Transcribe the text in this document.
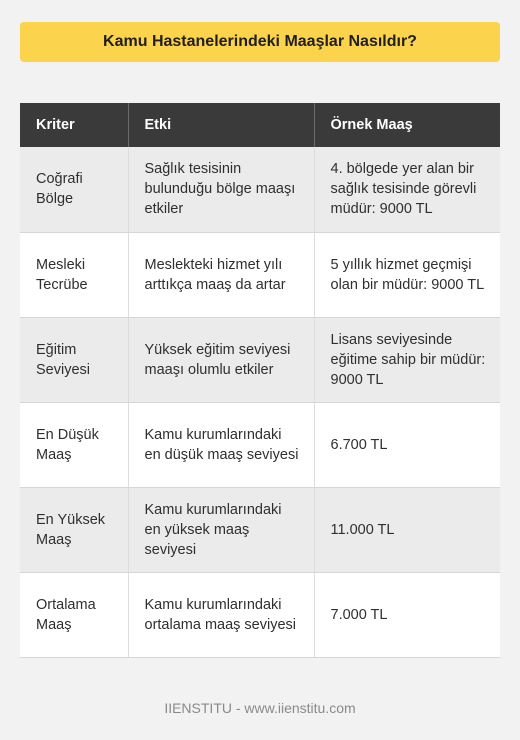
Kamu Hastanelerindeki Maaşlar Nasıldır?
Kriter	Etki	Örnek Maaş
Coğrafi Bölge	Sağlık tesisinin bulunduğu bölge maaşı etkiler	4. bölgede yer alan bir sağlık tesisinde görevli müdür: 9000 TL
Mesleki Tecrübe	Meslekteki hizmet yılı arttıkça maaş da artar	5 yıllık hizmet geçmişi olan bir müdür: 9000 TL
Eğitim Seviyesi	Yüksek eğitim seviyesi maaşı olumlu etkiler	Lisans seviyesinde eğitime sahip bir müdür: 9000 TL
En Düşük Maaş	Kamu kurumlarındaki en düşük maaş seviyesi	6.700 TL
En Yüksek Maaş	Kamu kurumlarındaki en yüksek maaş seviyesi	11.000 TL
Ortalama Maaş	Kamu kurumlarındaki ortalama maaş seviyesi	7.000 TL
IIENSTITU - www.iienstitu.com
